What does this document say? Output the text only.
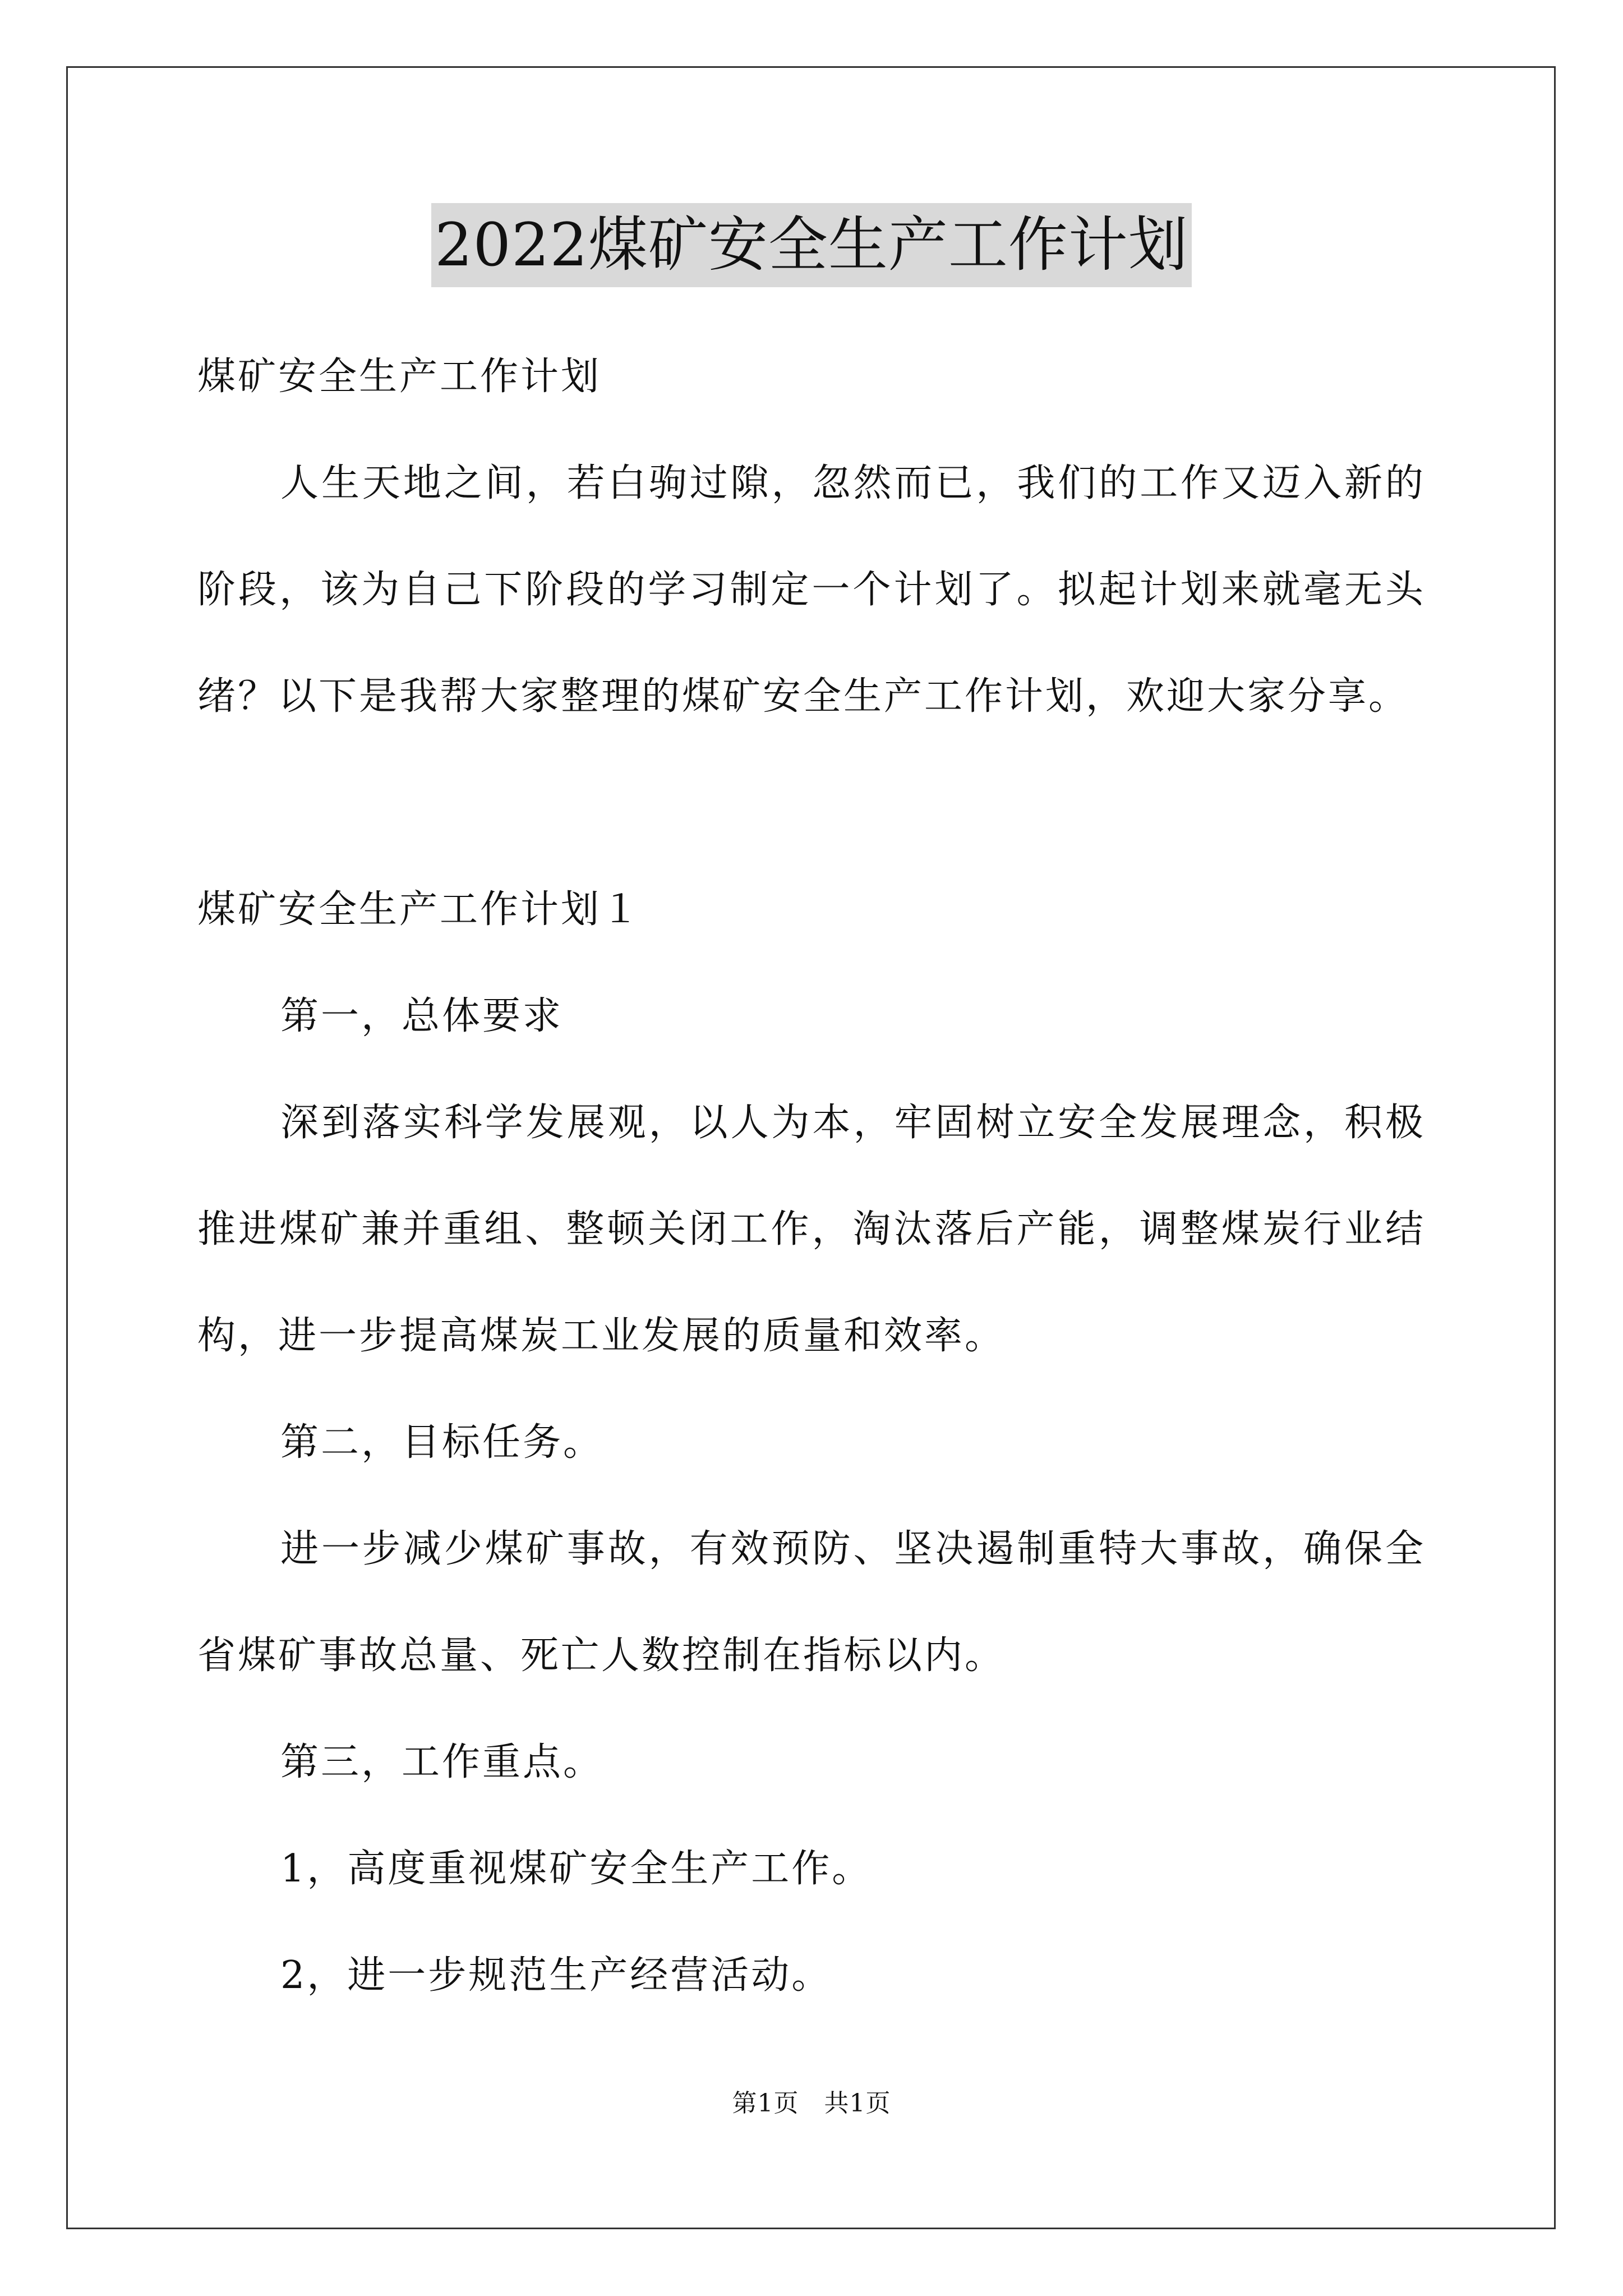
2022煤矿安全生产工作计划

煤矿安全生产工作计划

人生天地之间，若白驹过隙，忽然而已，我们的工作又迈入新的

阶段，该为自己下阶段的学习制定一个计划了。拟起计划来就毫无头

绪？以下是我帮大家整理的煤矿安全生产工作计划，欢迎大家分享。

煤矿安全生产工作计划１

第一，总体要求

深到落实科学发展观，以人为本，牢固树立安全发展理念，积极

推进煤矿兼并重组、整顿关闭工作，淘汰落后产能，调整煤炭行业结

构，进一步提高煤炭工业发展的质量和效率。

第二，目标任务。

进一步减少煤矿事故，有效预防、坚决遏制重特大事故，确保全

省煤矿事故总量、死亡人数控制在指标以内。

第三，工作重点。

1，高度重视煤矿安全生产工作。

2，进一步规范生产经营活动。

第1页　共1页
